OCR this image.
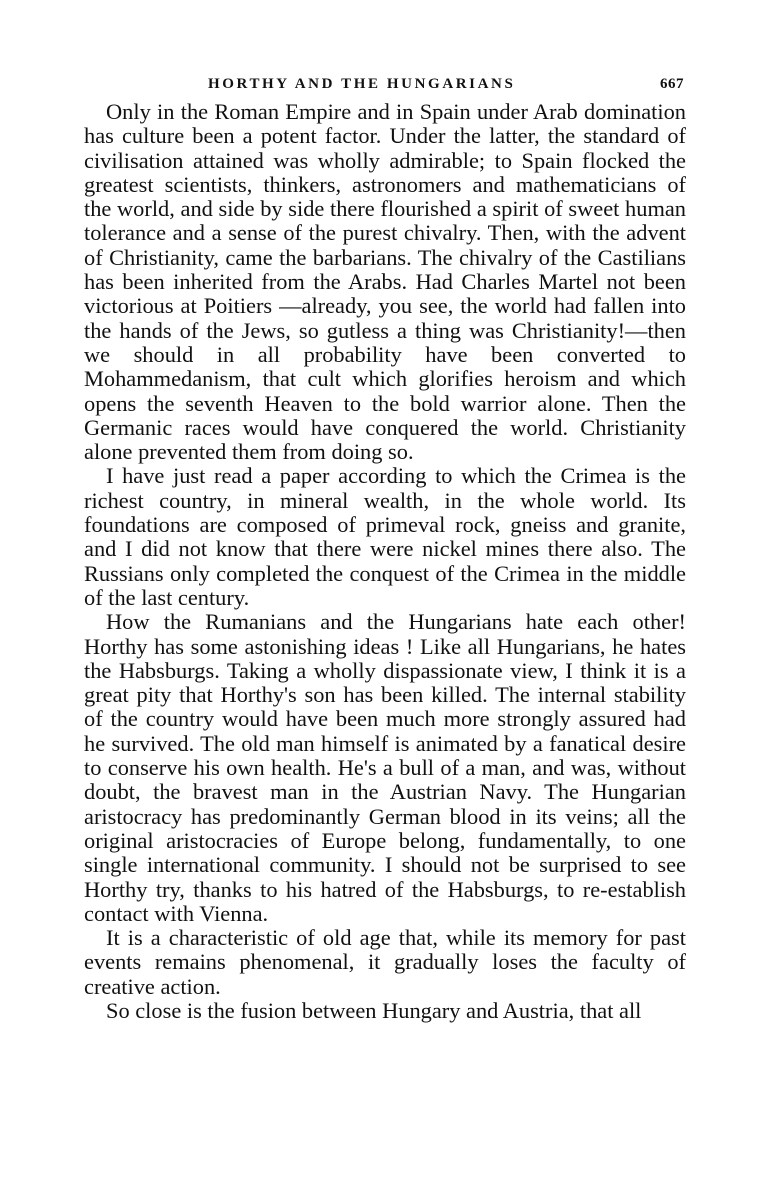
HORTHY AND THE HUNGARIANS	667

Only in the Roman Empire and in Spain under Arab domination has culture been a potent factor. Under the latter, the standard of civilisation attained was wholly admirable; to Spain flocked the greatest scientists, thinkers, astronomers and mathematicians of the world, and side by side there flourished a spirit of sweet human tolerance and a sense of the purest chivalry. Then, with the advent of Christianity, came the barbarians. The chivalry of the Castilians has been inherited from the Arabs. Had Charles Martel not been victorious at Poitiers —already, you see, the world had fallen into the hands of the Jews, so gutless a thing was Christianity!—then we should in all probability have been converted to Mohammedanism, that cult which glorifies heroism and which opens the seventh Heaven to the bold warrior alone. Then the Germanic races would have conquered the world. Christianity alone prevented them from doing so.

I have just read a paper according to which the Crimea is the richest country, in mineral wealth, in the whole world. Its foundations are composed of primeval rock, gneiss and granite, and I did not know that there were nickel mines there also. The Russians only completed the conquest of the Crimea in the middle of the last century.

How the Rumanians and the Hungarians hate each other! Horthy has some astonishing ideas ! Like all Hungarians, he hates the Habsburgs. Taking a wholly dispassionate view, I think it is a great pity that Horthy's son has been killed. The internal stability of the country would have been much more strongly assured had he survived. The old man himself is animated by a fanatical desire to conserve his own health. He's a bull of a man, and was, without doubt, the bravest man in the Austrian Navy. The Hungarian aristocracy has predominantly German blood in its veins; all the original aristocracies of Europe belong, fundamentally, to one single international community. I should not be surprised to see Horthy try, thanks to his hatred of the Habsburgs, to re-establish contact with Vienna.

It is a characteristic of old age that, while its memory for past events remains phenomenal, it gradually loses the faculty of creative action.

So close is the fusion between Hungary and Austria, that all
